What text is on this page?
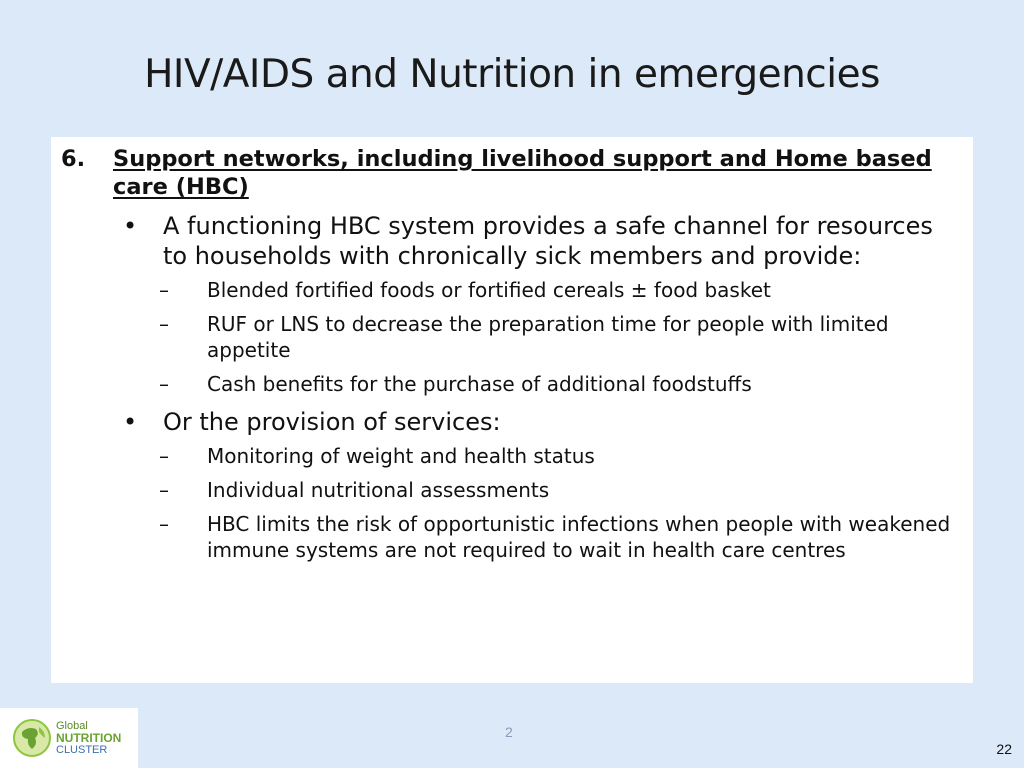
HIV/AIDS and Nutrition in emergencies
6.	Support networks, including livelihood support and Home based care (HBC)
•	A functioning HBC system provides a safe channel for resources to households with chronically sick members and provide:
–	Blended fortified foods or fortified cereals ± food basket
–	RUF or LNS to decrease the preparation time for people with limited appetite
–	Cash benefits for the purchase of additional foodstuffs
•	Or the provision of services:
–	Monitoring of weight and health status
–	Individual nutritional assessments
–	HBC limits the risk of opportunistic infections when people with weakened immune systems are not required to wait in health care centres
Global
NUTRITION
CLUSTER
2
22
